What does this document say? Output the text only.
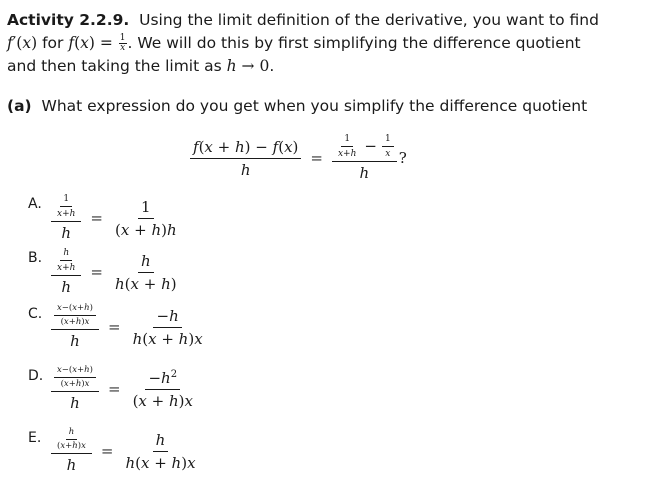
Activity 2.2.9. Using the limit definition of the derivative, you want to find
f′(x) for $f(x) = \frac{1}{x}$ . We will do this by first simplifying the difference quotient
and then taking the limit as h → 0.
(a) What expression do you get when you simplify the difference quotient
$\frac{f(x + h) - f(x)}{h} = \frac{\frac{1}{x+h} - \frac{1}{x}}{h}$ ?
A.	$\frac{\frac{1}{x+h}}{h} = \frac{1}{(x + h)h}$
B. $\frac{\frac{h}{x+h}}{h} = \frac{h}{h(x + h)}$
C.	$\frac{\frac{x-(x+h)}{(x+h)x}}{h} = \frac{-h}{h(x + h)x}$
D. $\frac{\frac{x-(x+h)}{(x+h)x}}{h} = \frac{-h^2}{(x + h)x}$
E.	$\frac{\frac{h}{(x+h)x}}{h} = \frac{h}{h(x + h)x}$
